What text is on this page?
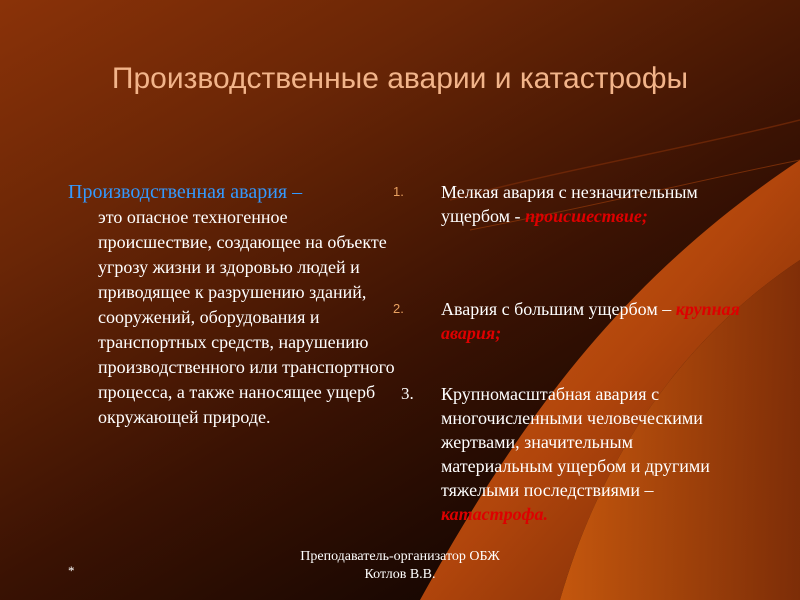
Производственные аварии и катастрофы
Производственная авария –
это опасное техногенное происшествие, создающее на объекте угрозу жизни и здоровью людей и приводящее к разрушению зданий, сооружений, оборудования и транспортных средств, нарушению производственного или транспортного процесса, а также наносящее ущерб окружающей природе.
1. Мелкая авария с незначительным ущербом - происшествие;
2. Авария с большим ущербом – крупная авария;
3. Крупномасштабная авария с многочисленными человеческими жертвами, значительным материальным ущербом и другими тяжелыми последствиями – катастрофа.
*
Преподаватель-организатор ОБЖ
Котлов В.В.
